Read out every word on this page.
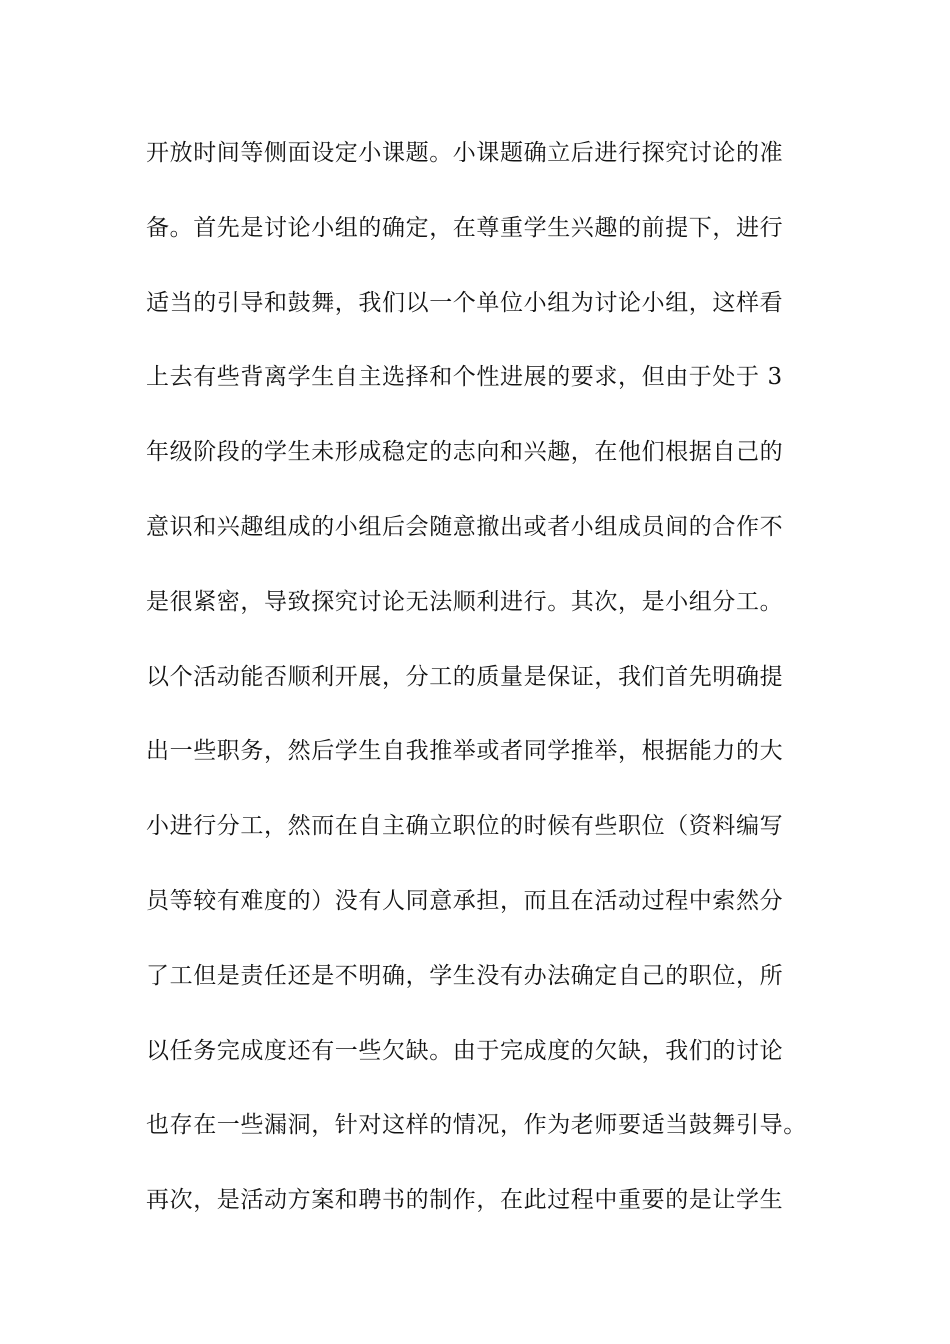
开放时间等侧面设定小课题。小课题确立后进行探究讨论的准
备。首先是讨论小组的确定，在尊重学生兴趣的前提下，进行
适当的引导和鼓舞，我们以一个单位小组为讨论小组，这样看
上去有些背离学生自主选择和个性进展的要求，但由于处于 3
年级阶段的学生未形成稳定的志向和兴趣，在他们根据自己的
意识和兴趣组成的小组后会随意撤出或者小组成员间的合作不
是很紧密，导致探究讨论无法顺利进行。其次，是小组分工。
以个活动能否顺利开展，分工的质量是保证，我们首先明确提
出一些职务，然后学生自我推举或者同学推举，根据能力的大
小进行分工，然而在自主确立职位的时候有些职位（资料编写
员等较有难度的）没有人同意承担，而且在活动过程中索然分
了工但是责任还是不明确，学生没有办法确定自己的职位，所
以任务完成度还有一些欠缺。由于完成度的欠缺，我们的讨论
也存在一些漏洞，针对这样的情况，作为老师要适当鼓舞引导。
再次，是活动方案和聘书的制作，在此过程中重要的是让学生
